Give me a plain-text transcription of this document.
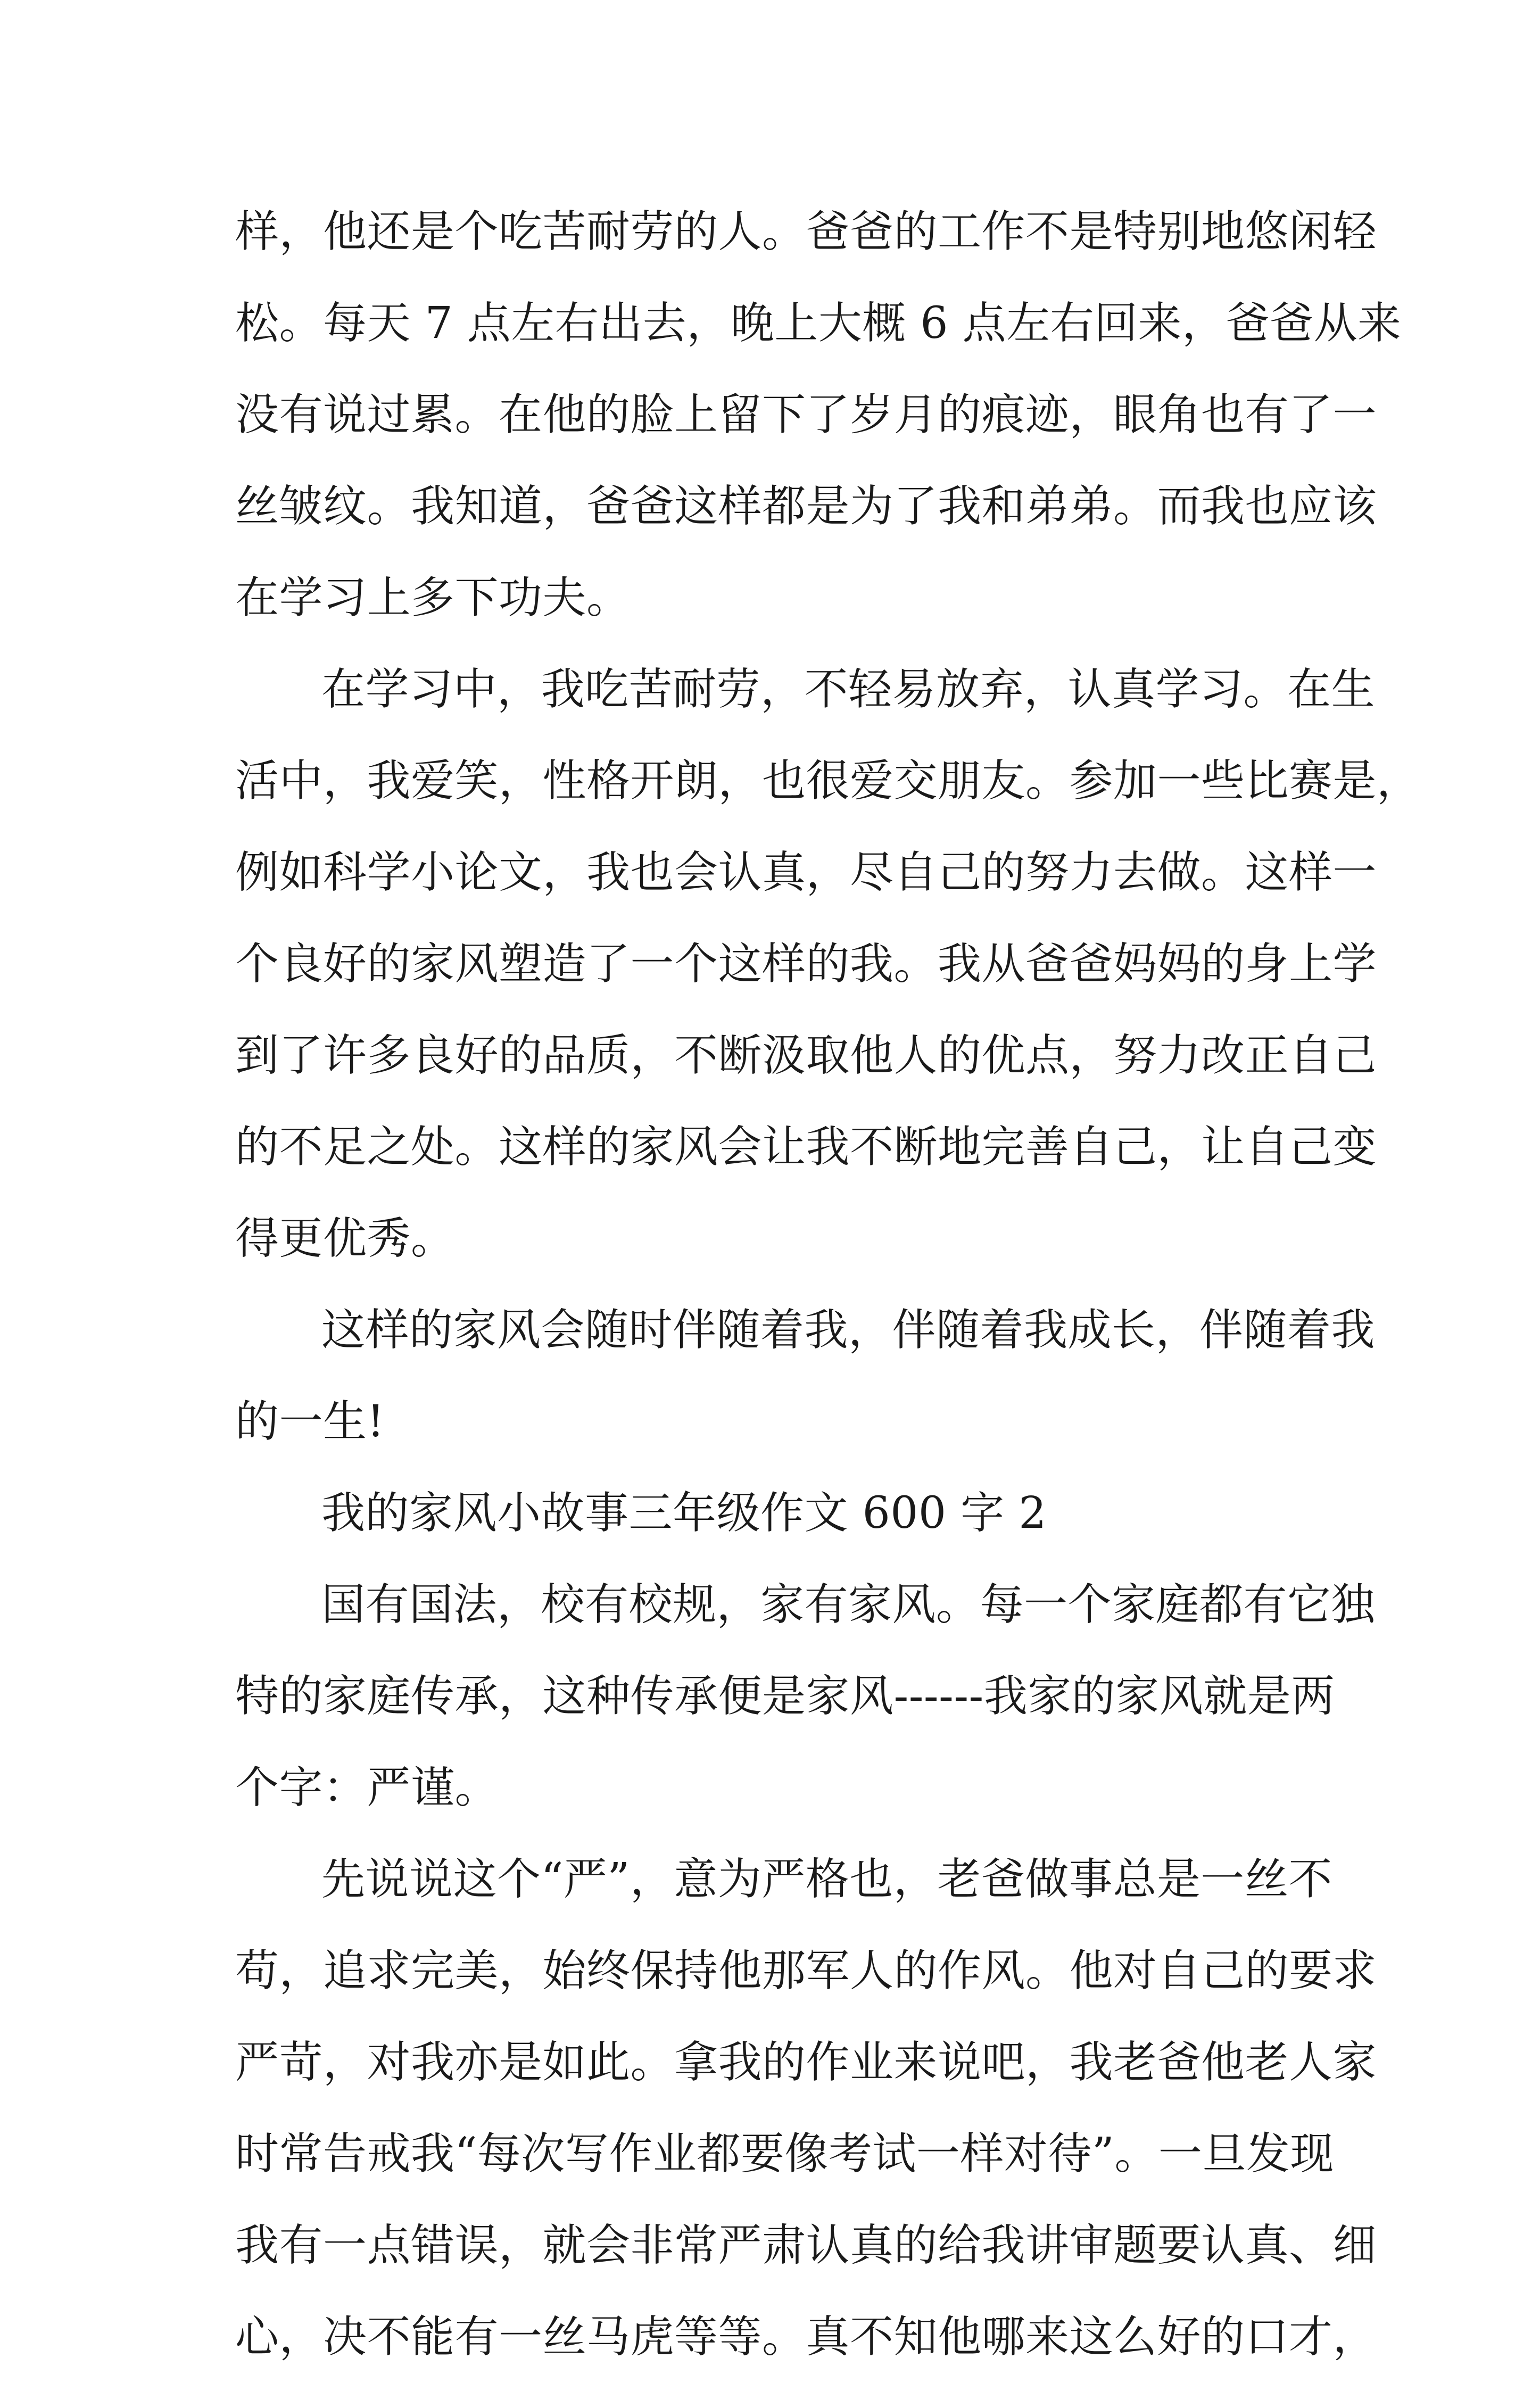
样，他还是个吃苦耐劳的人。爸爸的工作不是特别地悠闲轻
松。每天 7 点左右出去，晚上大概 6 点左右回来，爸爸从来
没有说过累。在他的脸上留下了岁月的痕迹，眼角也有了一
丝皱纹。我知道，爸爸这样都是为了我和弟弟。而我也应该
在学习上多下功夫。
在学习中，我吃苦耐劳，不轻易放弃，认真学习。在生
活中，我爱笑，性格开朗，也很爱交朋友。参加一些比赛是，
例如科学小论文，我也会认真，尽自己的努力去做。这样一
个良好的家风塑造了一个这样的我。我从爸爸妈妈的身上学
到了许多良好的品质，不断汲取他人的优点，努力改正自己
的不足之处。这样的家风会让我不断地完善自己，让自己变
得更优秀。
这样的家风会随时伴随着我，伴随着我成长，伴随着我
的一生!
我的家风小故事三年级作文 600 字 2
国有国法，校有校规，家有家风。每一个家庭都有它独
特的家庭传承，这种传承便是家风------我家的家风就是两
个字：严谨。
先说说这个“严”，意为严格也，老爸做事总是一丝不
苟，追求完美，始终保持他那军人的作风。他对自己的要求
严苛，对我亦是如此。拿我的作业来说吧，我老爸他老人家
时常告戒我“每次写作业都要像考试一样对待”。一旦发现
我有一点错误，就会非常严肃认真的给我讲审题要认真、细
心，决不能有一丝马虎等等。真不知他哪来这么好的口才，
